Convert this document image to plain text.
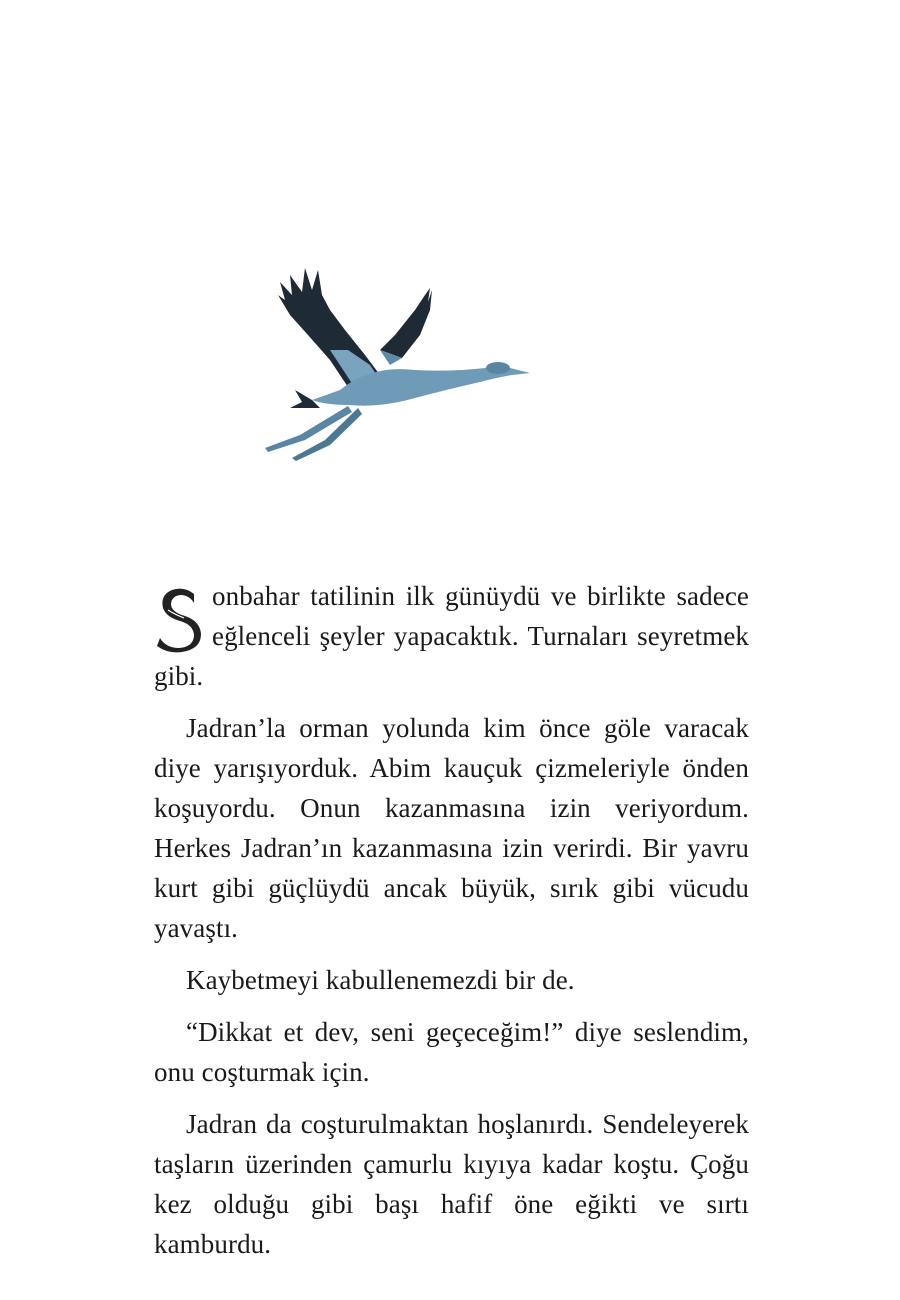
onbahar tatilinin ilk günüydü ve birlikte sadece eğlenceli şeyler yapacaktık. Turnaları seyretmek gibi.

Jadran’la orman yolunda kim önce göle varacak diye yarışıyorduk. Abim kauçuk çizmeleriyle önden koşuyordu. Onun kazanmasına izin veriyordum. Herkes Jadran’ın kazanmasına izin verirdi. Bir yavru kurt gibi güçlüydü ancak büyük, sırık gibi vücudu yavaştı.

Kaybetmeyi kabullenemezdi bir de.

“Dikkat et dev, seni geçeceğim!” diye seslendim, onu coşturmak için.

Jadran da coşturulmaktan hoşlanırdı. Sendeleyerek taşların üzerinden çamurlu kıyıya kadar koştu. Çoğu kez olduğu gibi başı hafif öne eğikti ve sırtı kamburdu.
